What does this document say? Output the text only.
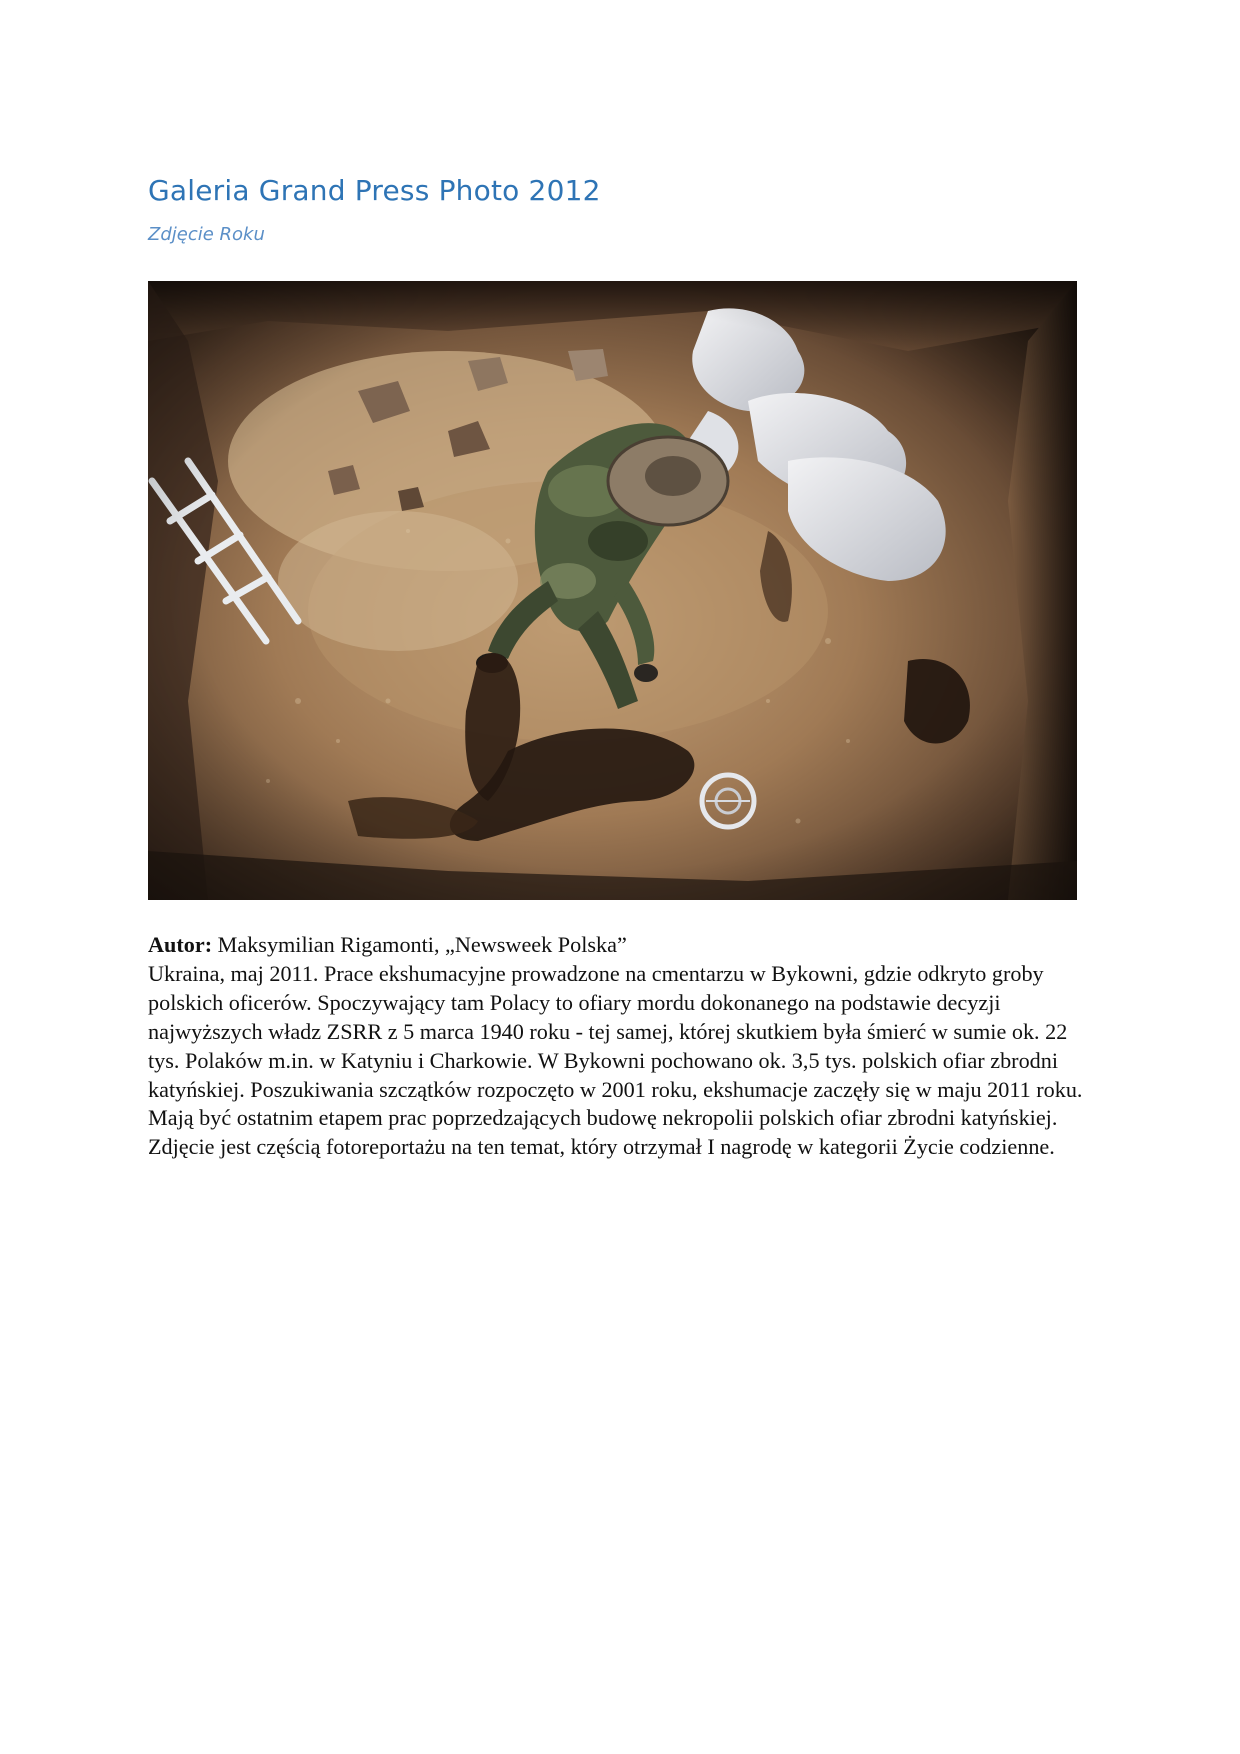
Galeria Grand Press Photo 2012
Zdjęcie Roku

Autor: Maksymilian Rigamonti, „Newsweek Polska”

Ukraina, maj 2011. Prace ekshumacyjne prowadzone na cmentarzu w Bykowni, gdzie odkryto groby polskich oficerów. Spoczywający tam Polacy to ofiary mordu dokonanego na podstawie decyzji najwyższych władz ZSRR z 5 marca 1940 roku - tej samej, której skutkiem była śmierć w sumie ok. 22 tys. Polaków m.in. w Katyniu i Charkowie. W Bykowni pochowano ok. 3,5 tys. polskich ofiar zbrodni katyńskiej. Poszukiwania szczątków rozpoczęto w 2001 roku, ekshumacje zaczęły się w maju 2011 roku. Mają być ostatnim etapem prac poprzedzających budowę nekropolii polskich ofiar zbrodni katyńskiej. Zdjęcie jest częścią fotoreportażu na ten temat, który otrzymał I nagrodę w kategorii Życie codzienne.
